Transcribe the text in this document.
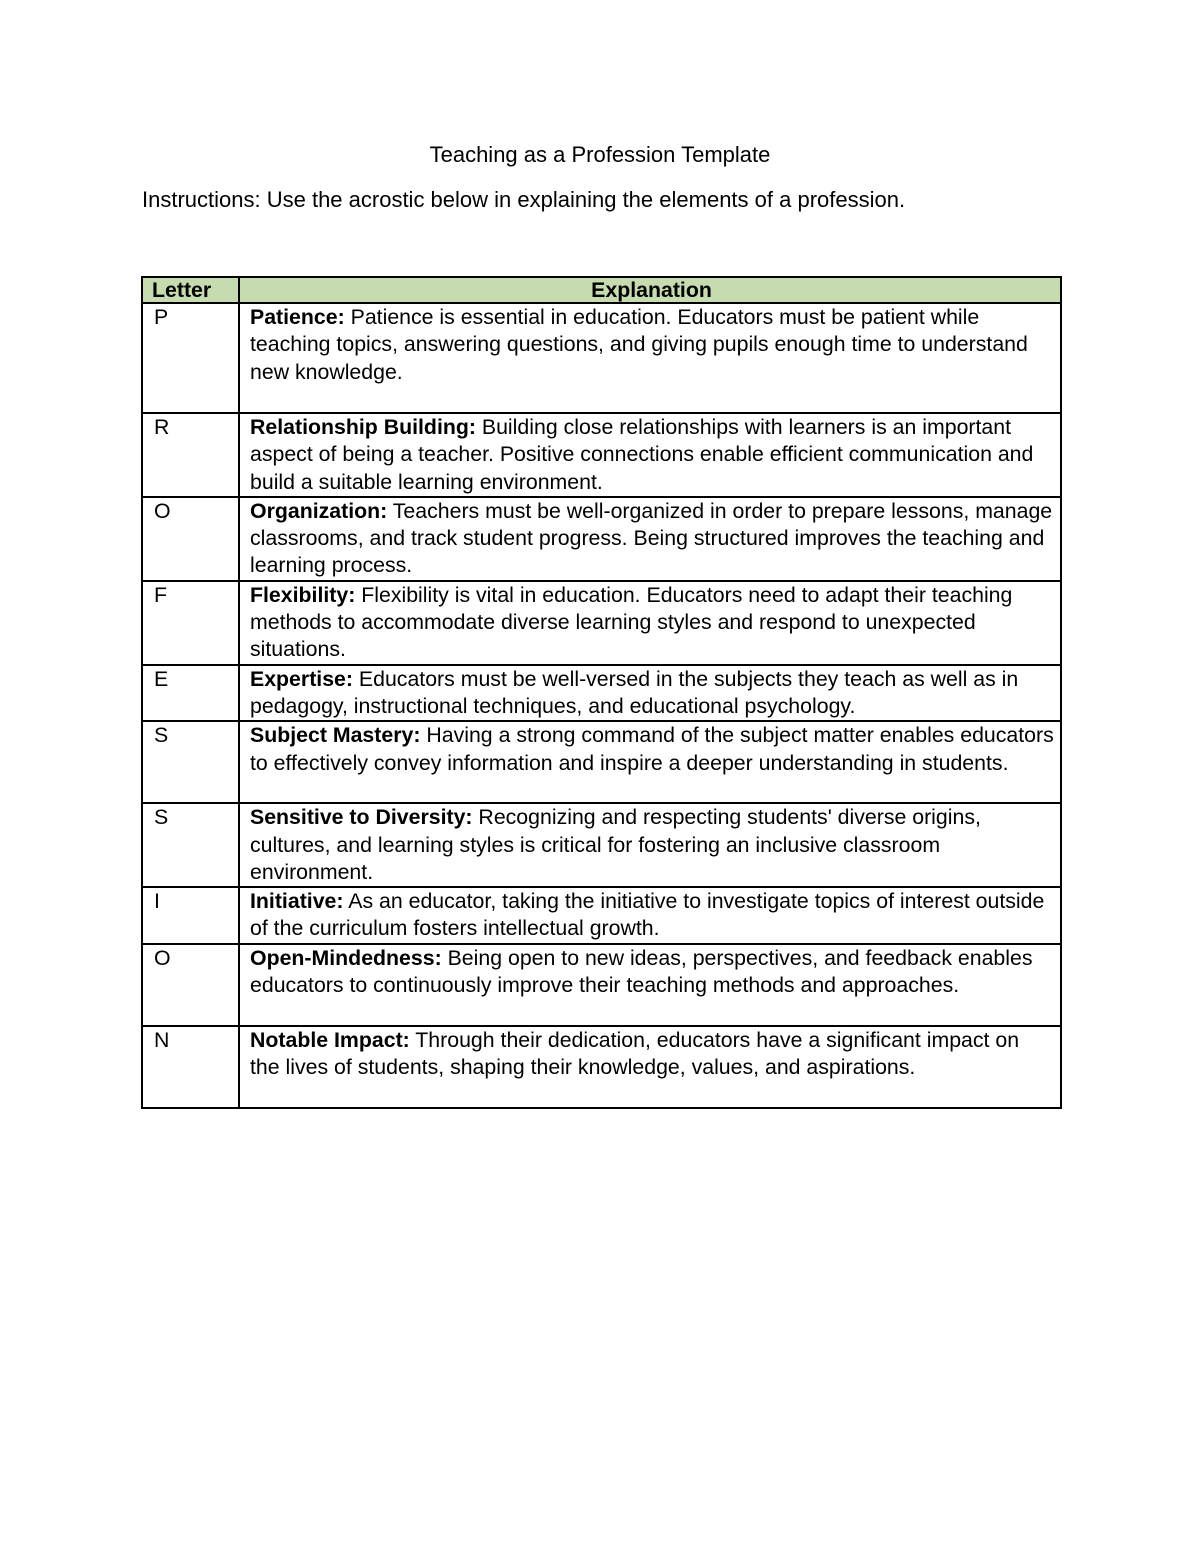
Teaching as a Profession Template
Instructions: Use the acrostic below in explaining the elements of a profession.
Letter	Explanation
P	Patience: Patience is essential in education. Educators must be patient while teaching topics, answering questions, and giving pupils enough time to understand new knowledge.
R	Relationship Building: Building close relationships with learners is an important aspect of being a teacher. Positive connections enable efficient communication and build a suitable learning environment.
O	Organization: Teachers must be well-organized in order to prepare lessons, manage classrooms, and track student progress. Being structured improves the teaching and learning process.
F	Flexibility: Flexibility is vital in education. Educators need to adapt their teaching methods to accommodate diverse learning styles and respond to unexpected situations.
E	Expertise: Educators must be well-versed in the subjects they teach as well as in pedagogy, instructional techniques, and educational psychology.
S	Subject Mastery: Having a strong command of the subject matter enables educators to effectively convey information and inspire a deeper understanding in students.
S	Sensitive to Diversity: Recognizing and respecting students' diverse origins, cultures, and learning styles is critical for fostering an inclusive classroom environment.
I	Initiative: As an educator, taking the initiative to investigate topics of interest outside of the curriculum fosters intellectual growth.
O	Open-Mindedness: Being open to new ideas, perspectives, and feedback enables educators to continuously improve their teaching methods and approaches.
N	Notable Impact: Through their dedication, educators have a significant impact on the lives of students, shaping their knowledge, values, and aspirations.
